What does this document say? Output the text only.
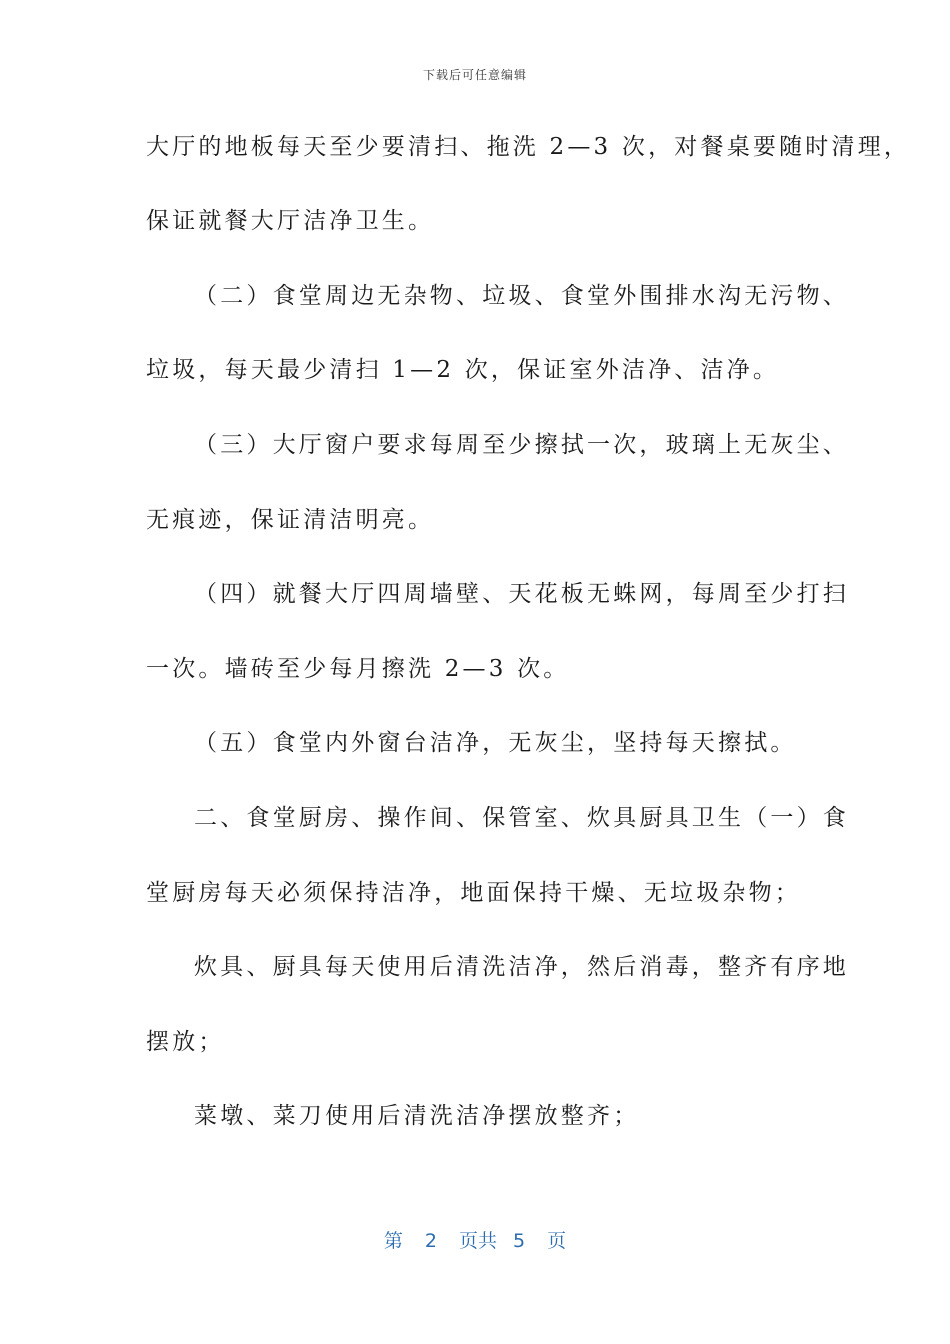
下载后可任意编辑
大厅的地板每天至少要清扫、拖洗 2—3 次，对餐桌要随时清理，
保证就餐大厅洁净卫生。
（二）食堂周边无杂物、垃圾、食堂外围排水沟无污物、
垃圾，每天最少清扫 1—2 次，保证室外洁净、洁净。
（三）大厅窗户要求每周至少擦拭一次，玻璃上无灰尘、
无痕迹，保证清洁明亮。
（四）就餐大厅四周墙壁、天花板无蛛网，每周至少打扫
一次。墙砖至少每月擦洗 2—3 次。
（五）食堂内外窗台洁净，无灰尘，坚持每天擦拭。
二、食堂厨房、操作间、保管室、炊具厨具卫生（一）食
堂厨房每天必须保持洁净，地面保持干燥、无垃圾杂物；
炊具、厨具每天使用后清洗洁净，然后消毒，整齐有序地
摆放；
菜墩、菜刀使用后清洗洁净摆放整齐；
第 2 页共 5 页
